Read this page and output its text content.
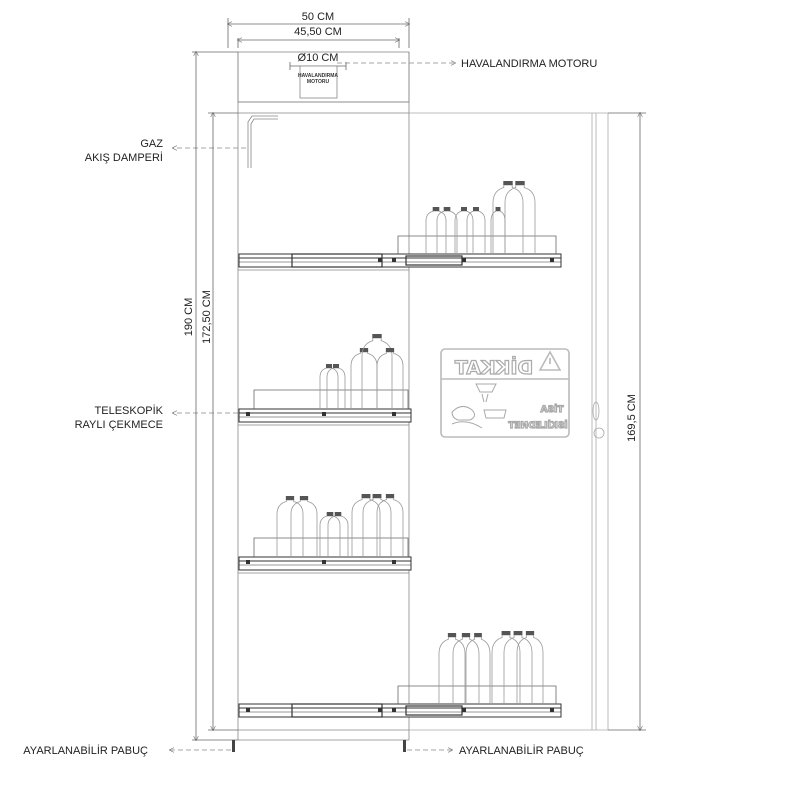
50 CM
45,50 CM
Ø10 CM
HAVALANDIRMA
MOTORU
HAVALANDIRMA MOTORU
GAZ
AKIŞ DAMPERİ
TELESKOPİK
RAYLI ÇEKMECE
DİKKAT
TİSA
İSKİLEDNET
190 CM 172,50 CM
169,5 CM
AYARLANABİLİR PABUÇ	AYARLANABİLİR PABUÇ
